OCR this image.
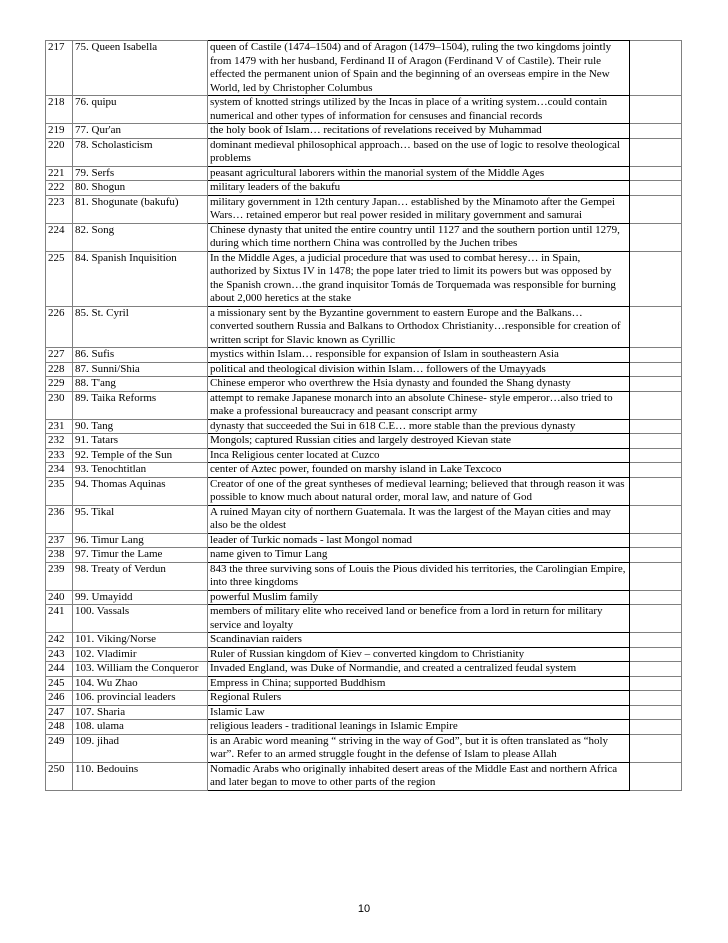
217	75. Queen Isabella	queen of Castile (1474–1504) and of Aragon (1479–1504), ruling the two kingdoms jointly from 1479 with her husband, Ferdinand II of Aragon (Ferdinand V of Castile). Their rule effected the permanent union of Spain and the beginning of an overseas empire in the New World, led by Christopher Columbus	
218	76. quipu	system of knotted strings utilized by the Incas in place of a writing system…could contain numerical and other types of information for censuses and financial records	
219	77. Qur'an	the holy book of Islam… recitations of revelations received by Muhammad	
220	78. Scholasticism	dominant medieval philosophical approach… based on the use of logic to resolve theological problems	
221	79. Serfs	peasant agricultural laborers within the manorial system of the Middle Ages	
222	80. Shogun	military leaders of the bakufu	
223	81. Shogunate (bakufu)	military government in 12th century Japan… established by the Minamoto after the Gempei Wars… retained emperor but real power resided in military government and samurai	
224	82. Song	Chinese dynasty that united the entire country until 1127 and the southern portion until 1279, during which time northern China was controlled by the Juchen tribes	
225	84. Spanish Inquisition	In the Middle Ages, a judicial procedure that was used to combat heresy… in Spain, authorized by Sixtus IV in 1478; the pope later tried to limit its powers but was opposed by the Spanish crown…the grand inquisitor Tomás de Torquemada was responsible for burning about 2,000 heretics at the stake	
226	85. St. Cyril	a missionary sent by the Byzantine government to eastern Europe and the Balkans… converted southern Russia and Balkans to Orthodox Christianity…responsible for creation of written script for Slavic known as Cyrillic	
227	86. Sufis	mystics within Islam… responsible for expansion of Islam in southeastern Asia	
228	87. Sunni/Shia	political and theological division within Islam… followers of the Umayyads	
229	88. T'ang	Chinese emperor who overthrew the Hsia dynasty and founded the Shang dynasty	
230	89. Taika Reforms	attempt to remake Japanese monarch into an absolute Chinese- style emperor…also tried to make a professional bureaucracy and peasant conscript army	
231	90. Tang	dynasty that succeeded the Sui in 618 C.E… more stable than the previous dynasty	
232	91. Tatars	Mongols; captured Russian cities and largely destroyed Kievan state	
233	92. Temple of the Sun	Inca Religious center located at Cuzco	
234	93. Tenochtitlan	center of Aztec power, founded on marshy island in Lake Texcoco	
235	94. Thomas Aquinas	Creator of one of the great syntheses of medieval learning; believed that through reason it was possible to know much about natural order, moral law, and nature of God	
236	95. Tikal	A ruined Mayan city of northern Guatemala. It was the largest of the Mayan cities and may also be the oldest	
237	96. Timur Lang	leader of Turkic nomads - last Mongol nomad	
238	97. Timur the Lame	name given to Timur Lang	
239	98. Treaty of Verdun	843 the three surviving sons of Louis the Pious divided his territories, the Carolingian Empire, into three kingdoms	
240	99. Umayidd	powerful Muslim family	
241	100. Vassals	members of military elite who received land or benefice from a lord in return for military service and loyalty	
242	101. Viking/Norse	Scandinavian raiders	
243	102. Vladimir	Ruler of Russian kingdom of Kiev – converted kingdom to Christianity	
244	103. William the Conqueror	Invaded England, was Duke of Normandie, and created a centralized feudal system	
245	104. Wu Zhao	Empress in China; supported Buddhism	
246	106. provincial leaders	Regional Rulers	
247	107. Sharia	Islamic Law	
248	108. ulama	religious leaders - traditional leanings in Islamic Empire	
249	109. jihad	is an Arabic word meaning “ striving in the way of God”, but it is often translated as “holy war”. Refer to an armed struggle fought in the defense of Islam to please Allah	
250	110. Bedouins	Nomadic Arabs who originally inhabited desert areas of the Middle East and northern Africa and later began to move to other parts of the region	
10
